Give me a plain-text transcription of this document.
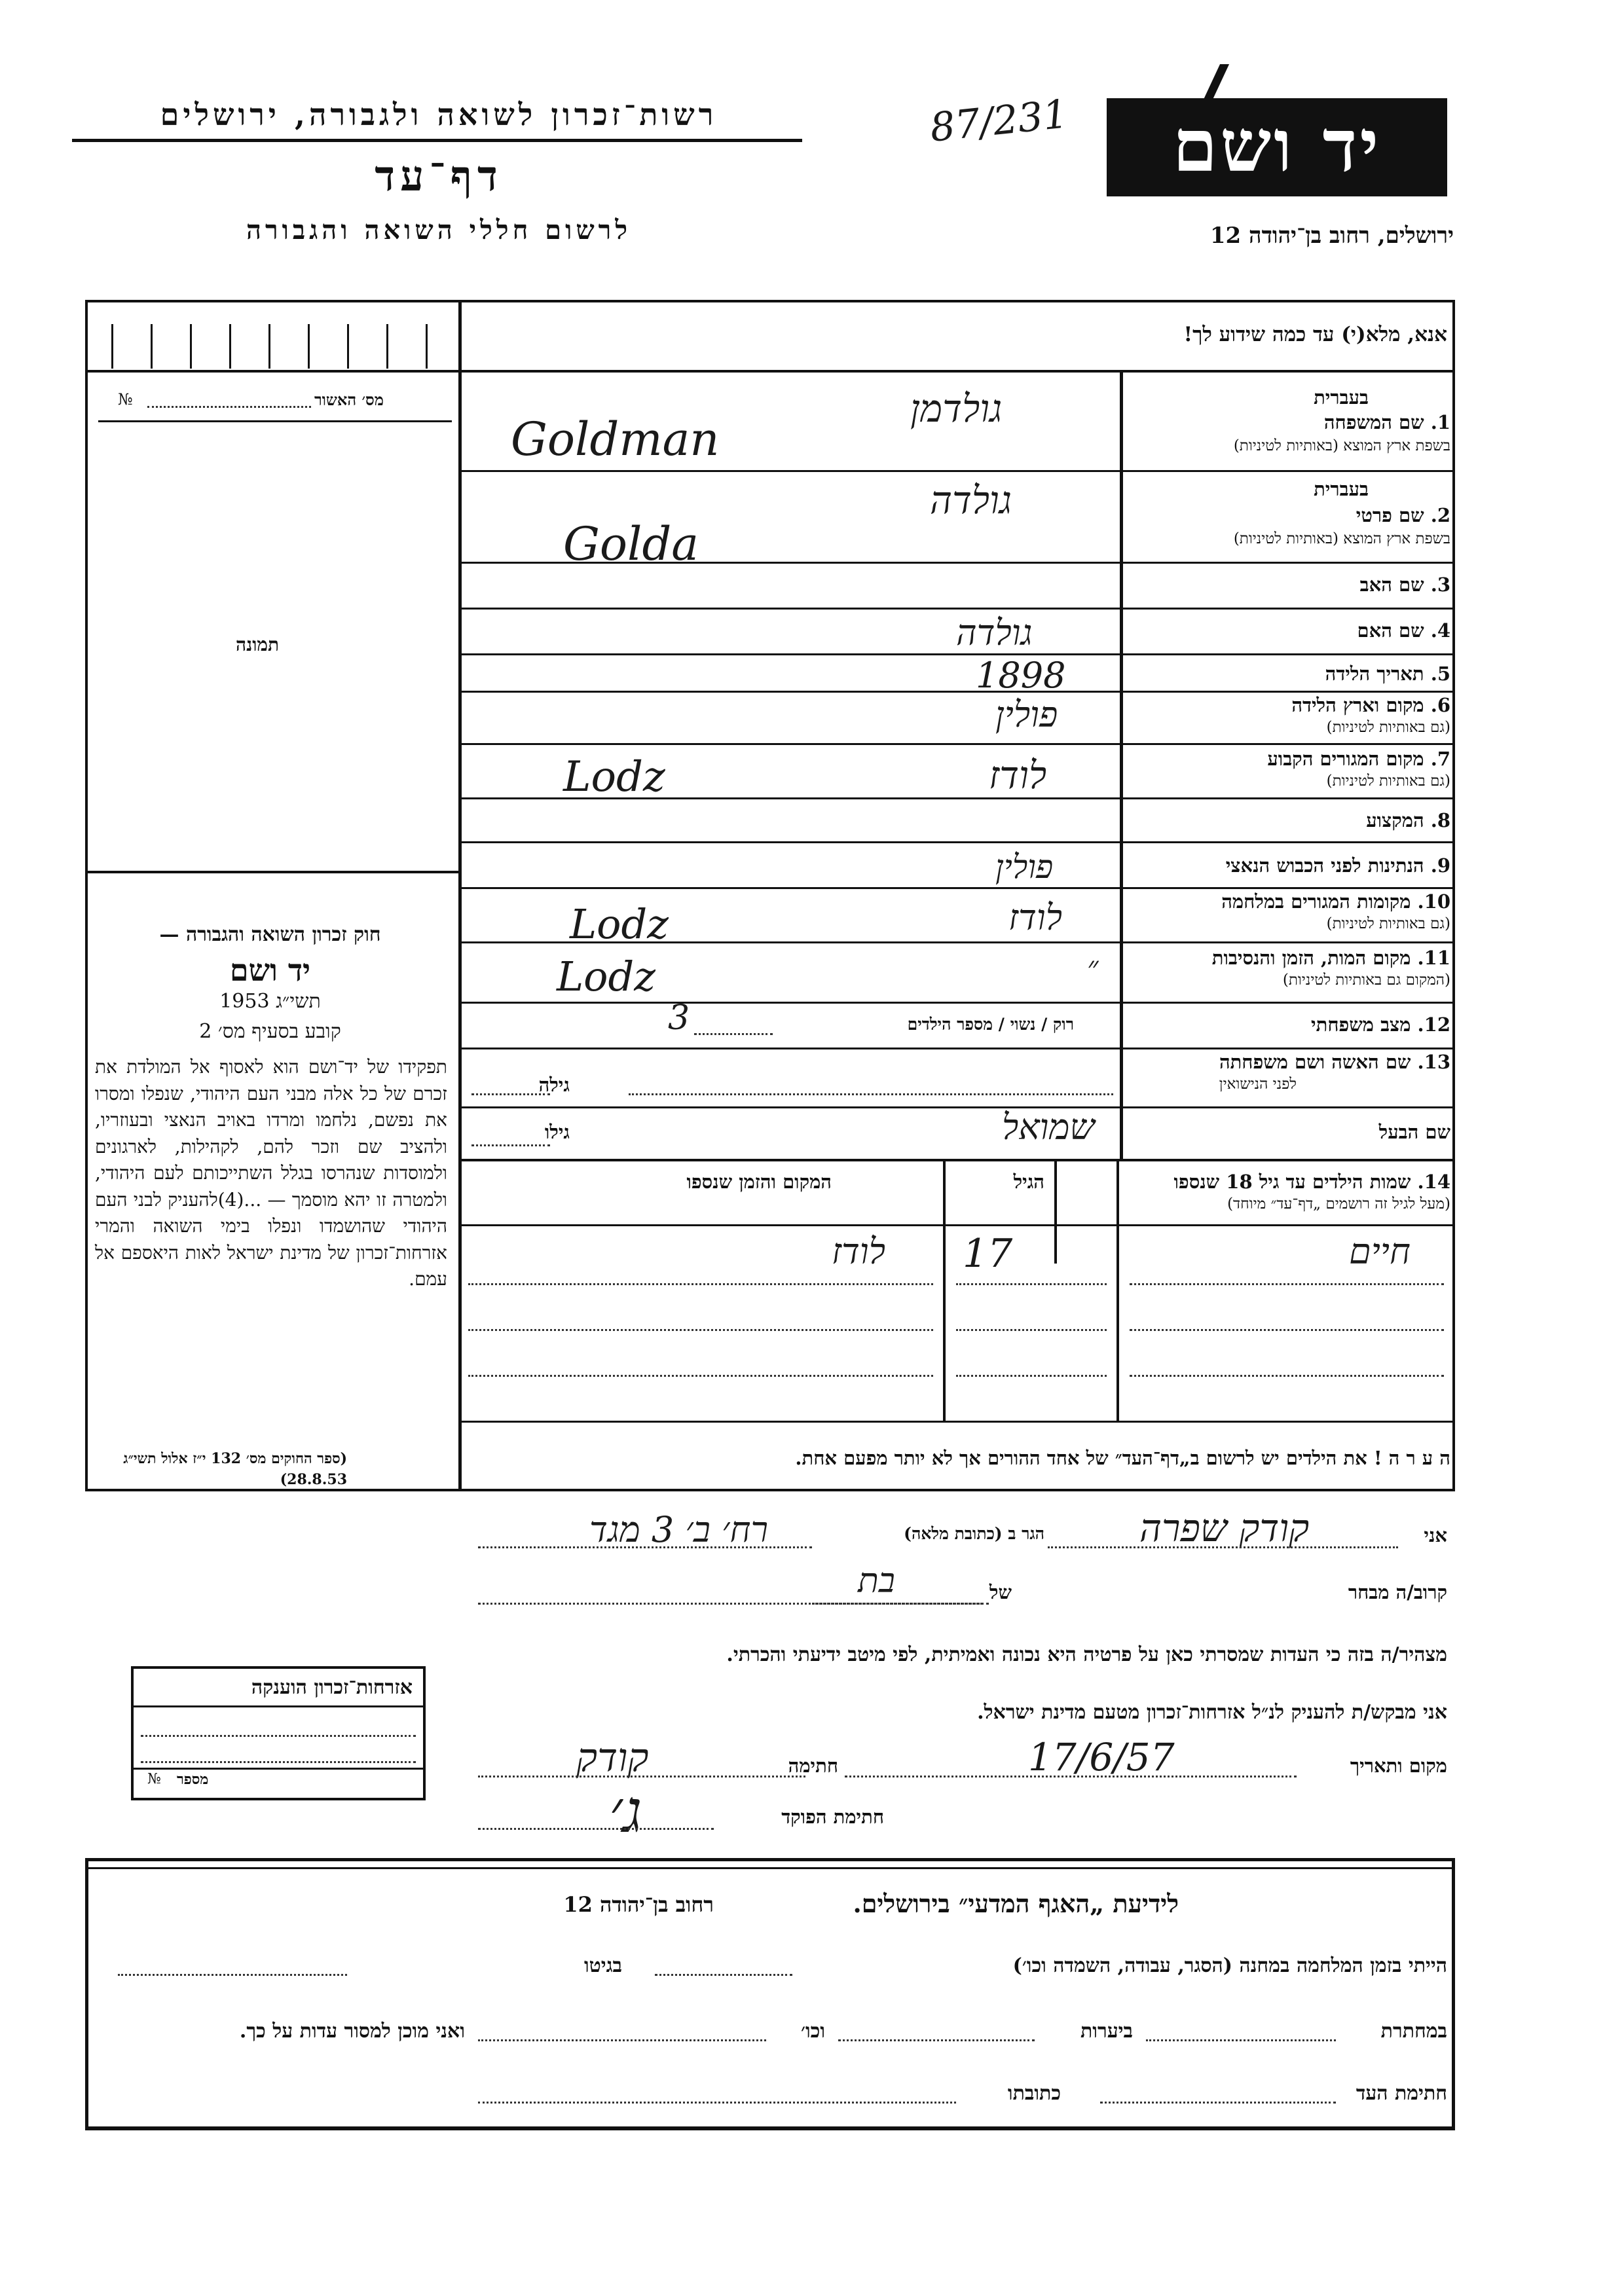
רשות־זכרון לשואה ולגבורה, ירושלים
דף־עד
לרשום חללי השואה והגבורה
87/231	יד ושם
ירושלים, רחוב בן־יהודה 12
אנא, מלא(י) עד כמה שידוע לך!
מס׳ האשור
№
תמונה
בעברית
1. שם המשפחה
בשפת ארץ המוצא (באותיות לטיניות)
גולדמן
Goldman
בעברית
2. שם פרטי
בשפת ארץ המוצא (באותיות לטיניות)
גולדה
Golda
3. שם האב
4. שם האם
גולדה
5. תאריך הלידה
1898
6. מקום וארץ הלידה
(גם באותיות לטיניות)
פולין
7. מקום המגורים הקבוע
(גם באותיות לטיניות)
לודז
Lodz
8. המקצוע
9. הנתינות לפני הכבוש הנאצי
פולין
10. מקומות המגורים במלחמה
(גם באותיות לטיניות)
לודז
Lodz
11. מקום המות, הזמן והנסיבות
(המקום גם באותיות לטיניות)
״
Lodz
12. מצב משפחתי
רוק / נשוי / מספר הילדים
3
13. שם האשה ושם משפחתה
לפני הנישואין
גילה
שם הבעל
גילו	שמואל
14. שמות הילדים עד גיל 18 שנספו
(מעל לגיל זה רושמים „דף־עד״ מיוחד)
הגיל
המקום והזמן שנספו
חיים
17
לודז
ה ע ר ה ! את הילדים יש לרשום ב„דף־העד״ של אחד ההורים אך לא יותר מפעם אחת.
חוק זכרון השואה והגבורה —
יד ושם
תשי״ג 1953
קובע בסעיף מס׳ 2
תפקידו של יד־ושם הוא לאסוף אל המולדת את זכרם של כל אלה מבני העם היהודי, שנפלו ומסרו את נפשם, נלחמו ומרדו באויב הנאצי ובעוזריו, ולהציב שם וזכר להם, לקהילות, לארגונים ולמוסדות שנהרסו בגלל השתייכותם לעם היהודי, ולמטרה זו יהא מוסמך — ...(4)להעניק לבני העם היהודי שהושמדו ונפלו בימי השואה והמרי אזרחות־זכרון של מדינת ישראל לאות היאספם אל עמם.
(ספר החוקים מס׳ 132 י״ז אלול תשי״ג 28.8.53)
אני
קודק שפרה
הגר ב (כתובת מלאה)
רח׳ ב׳ 3 מגד
קרוב/ה מבחר
של
בת
מצהיר/ה בזה כי העדות שמסרתי כאן על פרטיה היא נכונה ואמיתית, לפי מיטב ידיעתי והכרתי.
אני מבקש/ת להעניק לנ״ל אזרחות־זכרון מטעם מדינת ישראל.
מקום ותאריך
17/6/57
חתימה
קודק
חתימת הפוקד
ג׳
אזרחות־זכרון הוענקה
מספר
№
לידיעת „האגף המדעי״ בירושלים.
רחוב בן־יהודה 12
הייתי בזמן המלחמה במחנה (הסגר, עבודה, השמדה וכו׳)
בגיטו
במחתרת
ביערות
וכו׳
ואני מוכן למסור עדות על כך.
חתימת העד
כתובתו
